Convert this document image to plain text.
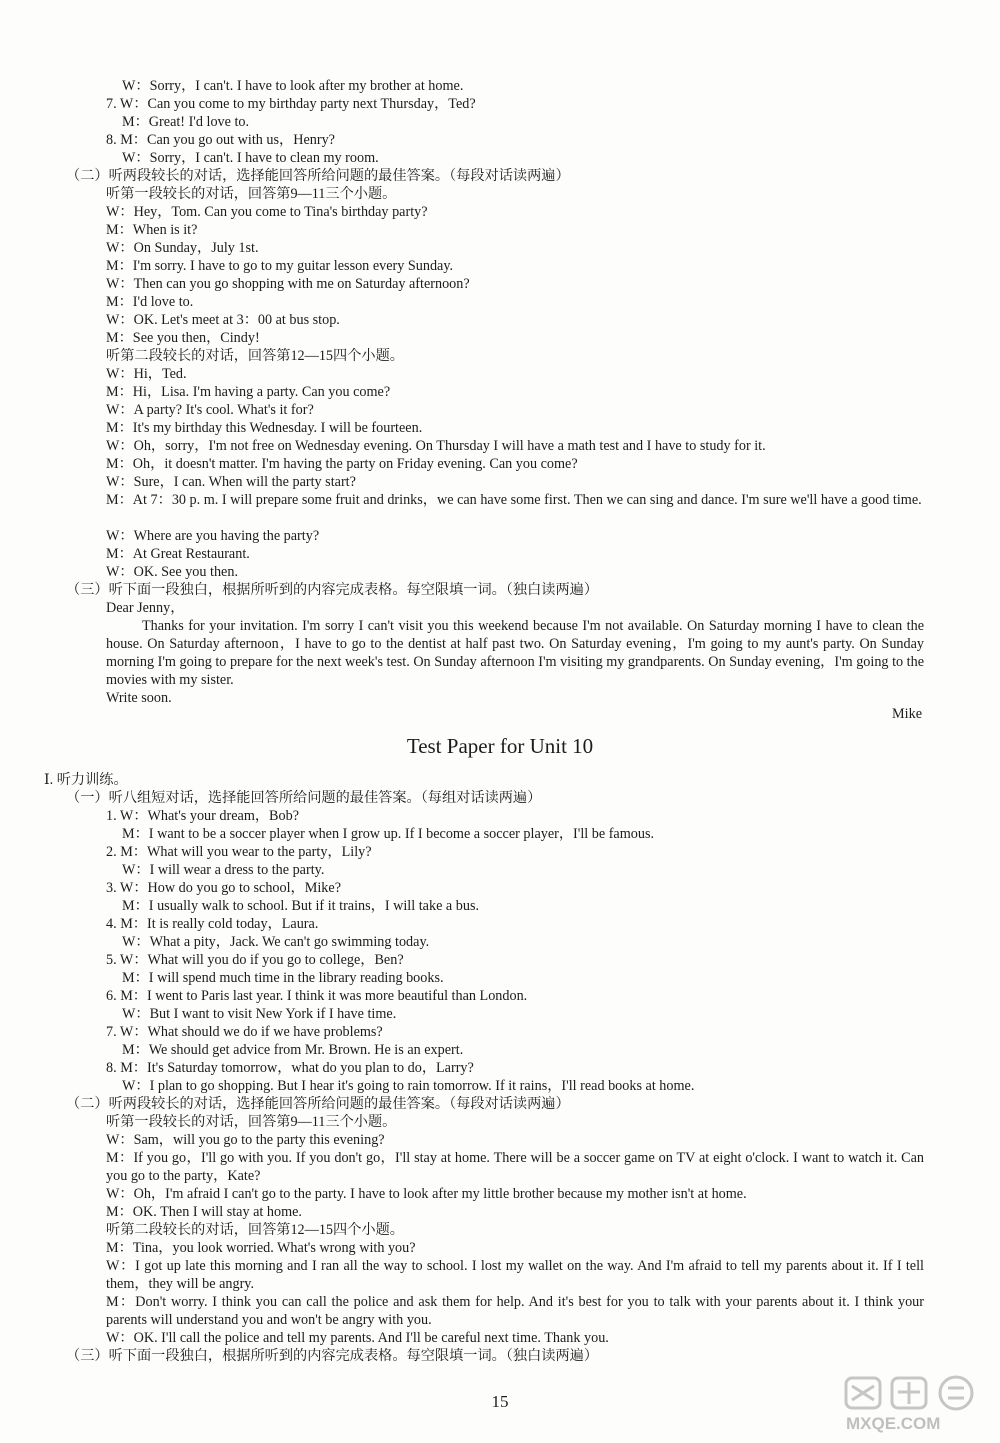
W：Sorry，I can't. I have to look after my brother at home.
7. W：Can you come to my birthday party next Thursday，Ted?
M：Great! I'd love to.
8. M：Can you go out with us，Henry?
W：Sorry，I can't. I have to clean my room.
（二）听两段较长的对话，选择能回答所给问题的最佳答案。（每段对话读两遍）
听第一段较长的对话，回答第9—11三个小题。
W：Hey，Tom. Can you come to Tina's birthday party?
M：When is it?
W：On Sunday，July 1st.
M：I'm sorry. I have to go to my guitar lesson every Sunday.
W：Then can you go shopping with me on Saturday afternoon?
M：I'd love to.
W：OK. Let's meet at 3：00 at bus stop.
M：See you then，Cindy!
听第二段较长的对话，回答第12—15四个小题。
W：Hi，Ted.
M：Hi，Lisa. I'm having a party. Can you come?
W：A party? It's cool. What's it for?
M：It's my birthday this Wednesday. I will be fourteen.
W：Oh，sorry，I'm not free on Wednesday evening. On Thursday I will have a math test and I have to study for it.
M：Oh，it doesn't matter. I'm having the party on Friday evening. Can you come?
W：Sure，I can. When will the party start?
M：At 7：30 p. m. I will prepare some fruit and drinks，we can have some first. Then we can sing and dance. I'm sure we'll have a good time.
W：Where are you having the party?
M：At Great Restaurant.
W：OK. See you then.
（三）听下面一段独白，根据所听到的内容完成表格。每空限填一词。（独白读两遍）
Dear Jenny，
Thanks for your invitation. I'm sorry I can't visit you this weekend because I'm not available. On Saturday morning I have to clean the house. On Saturday afternoon，I have to go to the dentist at half past two. On Saturday evening，I'm going to my aunt's party. On Sunday morning I'm going to prepare for the next week's test. On Sunday afternoon I'm visiting my grandparents. On Sunday evening，I'm going to the movies with my sister.
Write soon.
Mike
Test Paper for Unit 10
Ⅰ. 听力训练。
（一）听八组短对话，选择能回答所给问题的最佳答案。（每组对话读两遍）
1. W：What's your dream，Bob?
M：I want to be a soccer player when I grow up. If I become a soccer player，I'll be famous.
2. M：What will you wear to the party，Lily?
W：I will wear a dress to the party.
3. W：How do you go to school，Mike?
M：I usually walk to school. But if it trains，I will take a bus.
4. M：It is really cold today，Laura.
W：What a pity，Jack. We can't go swimming today.
5. W：What will you do if you go to college，Ben?
M：I will spend much time in the library reading books.
6. M：I went to Paris last year. I think it was more beautiful than London.
W：But I want to visit New York if I have time.
7. W：What should we do if we have problems?
M：We should get advice from Mr. Brown. He is an expert.
8. M：It's Saturday tomorrow，what do you plan to do，Larry?
W：I plan to go shopping. But I hear it's going to rain tomorrow. If it rains，I'll read books at home.
（二）听两段较长的对话，选择能回答所给问题的最佳答案。（每段对话读两遍）
听第一段较长的对话，回答第9—11三个小题。
W：Sam，will you go to the party this evening?
M：If you go，I'll go with you. If you don't go，I'll stay at home. There will be a soccer game on TV at eight o'clock. I want to watch it. Can you go to the party，Kate?
W：Oh，I'm afraid I can't go to the party. I have to look after my little brother because my mother isn't at home.
M：OK. Then I will stay at home.
听第二段较长的对话，回答第12—15四个小题。
M：Tina，you look worried. What's wrong with you?
W：I got up late this morning and I ran all the way to school. I lost my wallet on the way. And I'm afraid to tell my parents about it. If I tell them，they will be angry.
M：Don't worry. I think you can call the police and ask them for help. And it's best for you to talk with your parents about it. I think your parents will understand you and won't be angry with you.
W：OK. I'll call the police and tell my parents. And I'll be careful next time. Thank you.
（三）听下面一段独白，根据所听到的内容完成表格。每空限填一词。（独白读两遍）
15
MXQE.COM
